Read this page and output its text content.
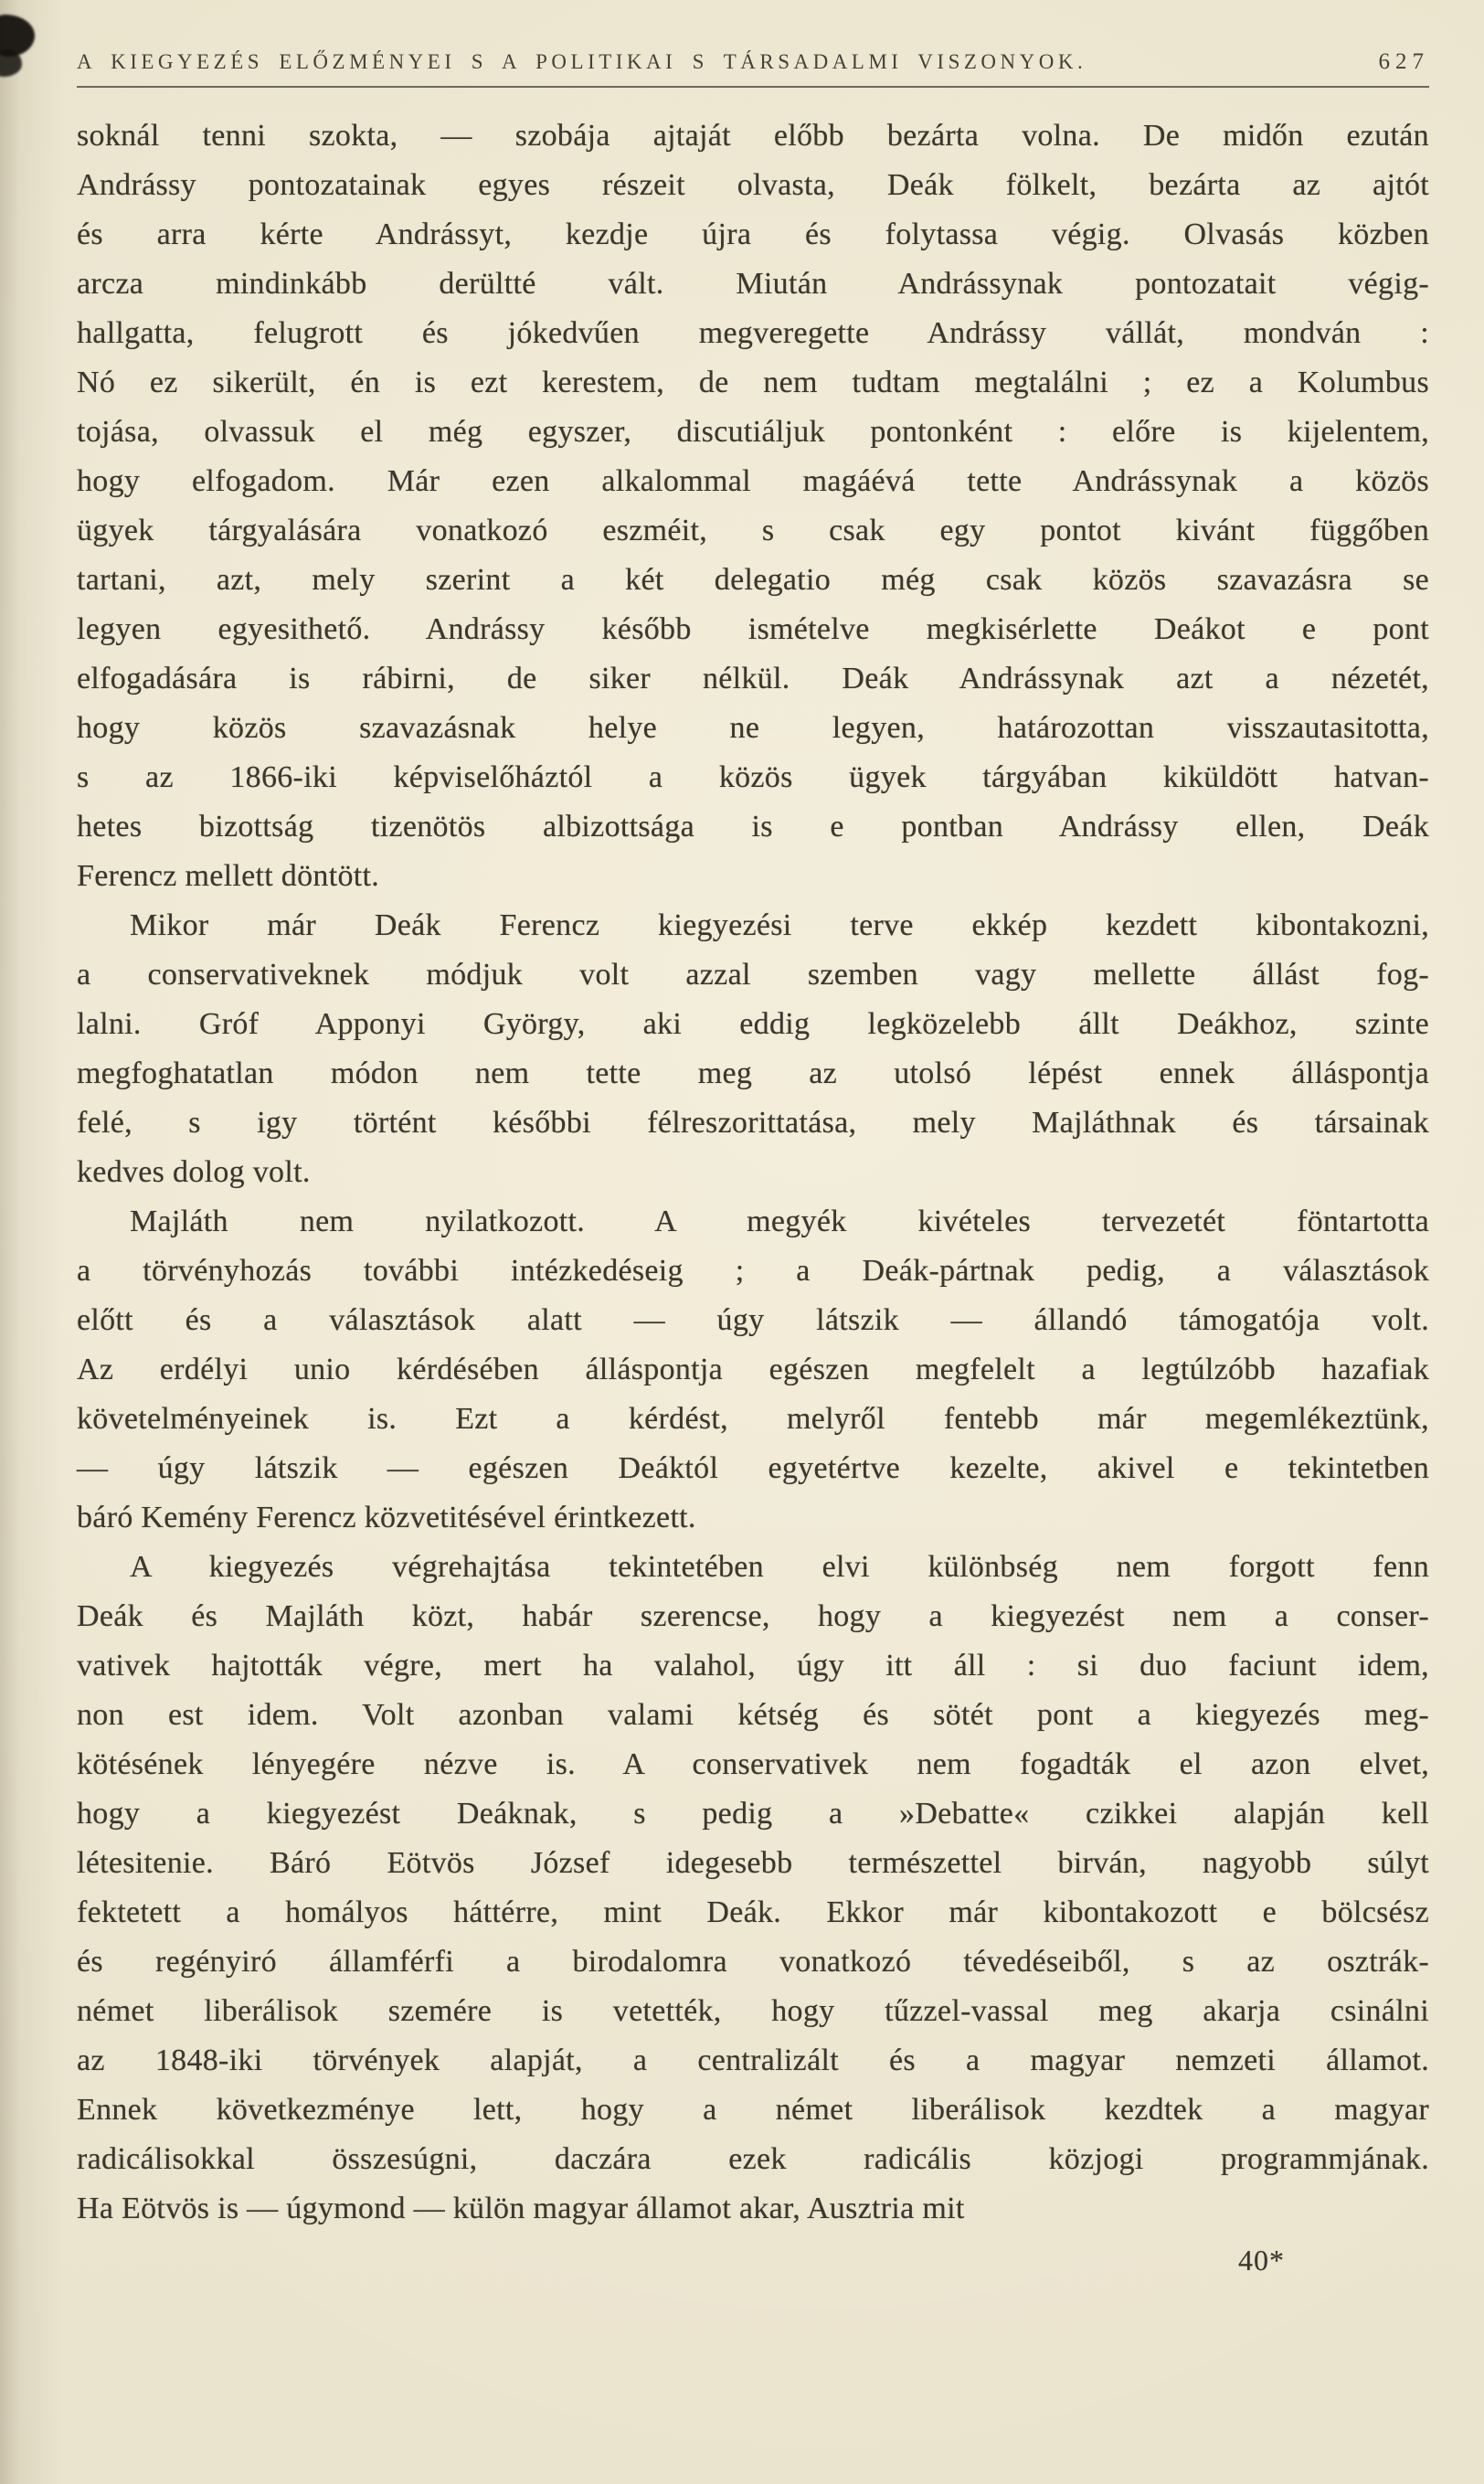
A KIEGYEZÉS ELŐZMÉNYEI S A POLITIKAI S TÁRSADALMI VISZONYOK.	627
soknál tenni szokta, — szobája ajtaját előbb bezárta volna. De midőn ezután
Andrássy pontozatainak egyes részeit olvasta, Deák fölkelt, bezárta az ajtót
és arra kérte Andrássyt, kezdje újra és folytassa végig. Olvasás közben
arcza mindinkább derültté vált. Miután Andrássynak pontozatait végig-
hallgatta, felugrott és jókedvűen megveregette Andrássy vállát, mondván :
Nó ez sikerült, én is ezt kerestem, de nem tudtam megtalálni ; ez a Kolumbus
tojása, olvassuk el még egyszer, discutiáljuk pontonként : előre is kijelentem,
hogy elfogadom. Már ezen alkalommal magáévá tette Andrássynak a közös
ügyek tárgyalására vonatkozó eszméit, s csak egy pontot kivánt függőben
tartani, azt, mely szerint a két delegatio még csak közös szavazásra se
legyen egyesithető. Andrássy később ismételve megkisérlette Deákot e pont
elfogadására is rábirni, de siker nélkül. Deák Andrássynak azt a nézetét,
hogy közös szavazásnak helye ne legyen, határozottan visszautasitotta,
s az 1866-iki képviselőháztól a közös ügyek tárgyában kiküldött hatvan-
hetes bizottság tizenötös albizottsága is e pontban Andrássy ellen, Deák
Ferencz mellett döntött.
Mikor már Deák Ferencz kiegyezési terve ekkép kezdett kibontakozni,
a conservativeknek módjuk volt azzal szemben vagy mellette állást fog-
lalni. Gróf Apponyi György, aki eddig legközelebb állt Deákhoz, szinte
megfoghatatlan módon nem tette meg az utolsó lépést ennek álláspontja
felé, s igy történt későbbi félreszorittatása, mely Majláthnak és társainak
kedves dolog volt.
Majláth nem nyilatkozott. A megyék kivételes tervezetét föntartotta
a törvényhozás további intézkedéseig ; a Deák-pártnak pedig, a választások
előtt és a választások alatt — úgy látszik — állandó támogatója volt.
Az erdélyi unio kérdésében álláspontja egészen megfelelt a legtúlzóbb hazafiak
követelményeinek is. Ezt a kérdést, melyről fentebb már megemlékeztünk,
— úgy látszik — egészen Deáktól egyetértve kezelte, akivel e tekintetben
báró Kemény Ferencz közvetitésével érintkezett.
A kiegyezés végrehajtása tekintetében elvi különbség nem forgott fenn
Deák és Majláth közt, habár szerencse, hogy a kiegyezést nem a conser-
vativek hajtották végre, mert ha valahol, úgy itt áll : si duo faciunt idem,
non est idem. Volt azonban valami kétség és sötét pont a kiegyezés meg-
kötésének lényegére nézve is. A conservativek nem fogadták el azon elvet,
hogy a kiegyezést Deáknak, s pedig a »Debatte« czikkei alapján kell
létesitenie. Báró Eötvös József idegesebb természettel birván, nagyobb súlyt
fektetett a homályos háttérre, mint Deák. Ekkor már kibontakozott e bölcsész
és regényiró államférfi a birodalomra vonatkozó tévedéseiből, s az osztrák-
német liberálisok szemére is vetették, hogy tűzzel-vassal meg akarja csinálni
az 1848-iki törvények alapját, a centralizált és a magyar nemzeti államot.
Ennek következménye lett, hogy a német liberálisok kezdtek a magyar
radicálisokkal összesúgni, daczára ezek radicális közjogi programmjának.
Ha Eötvös is — úgymond — külön magyar államot akar, Ausztria mit
40*
